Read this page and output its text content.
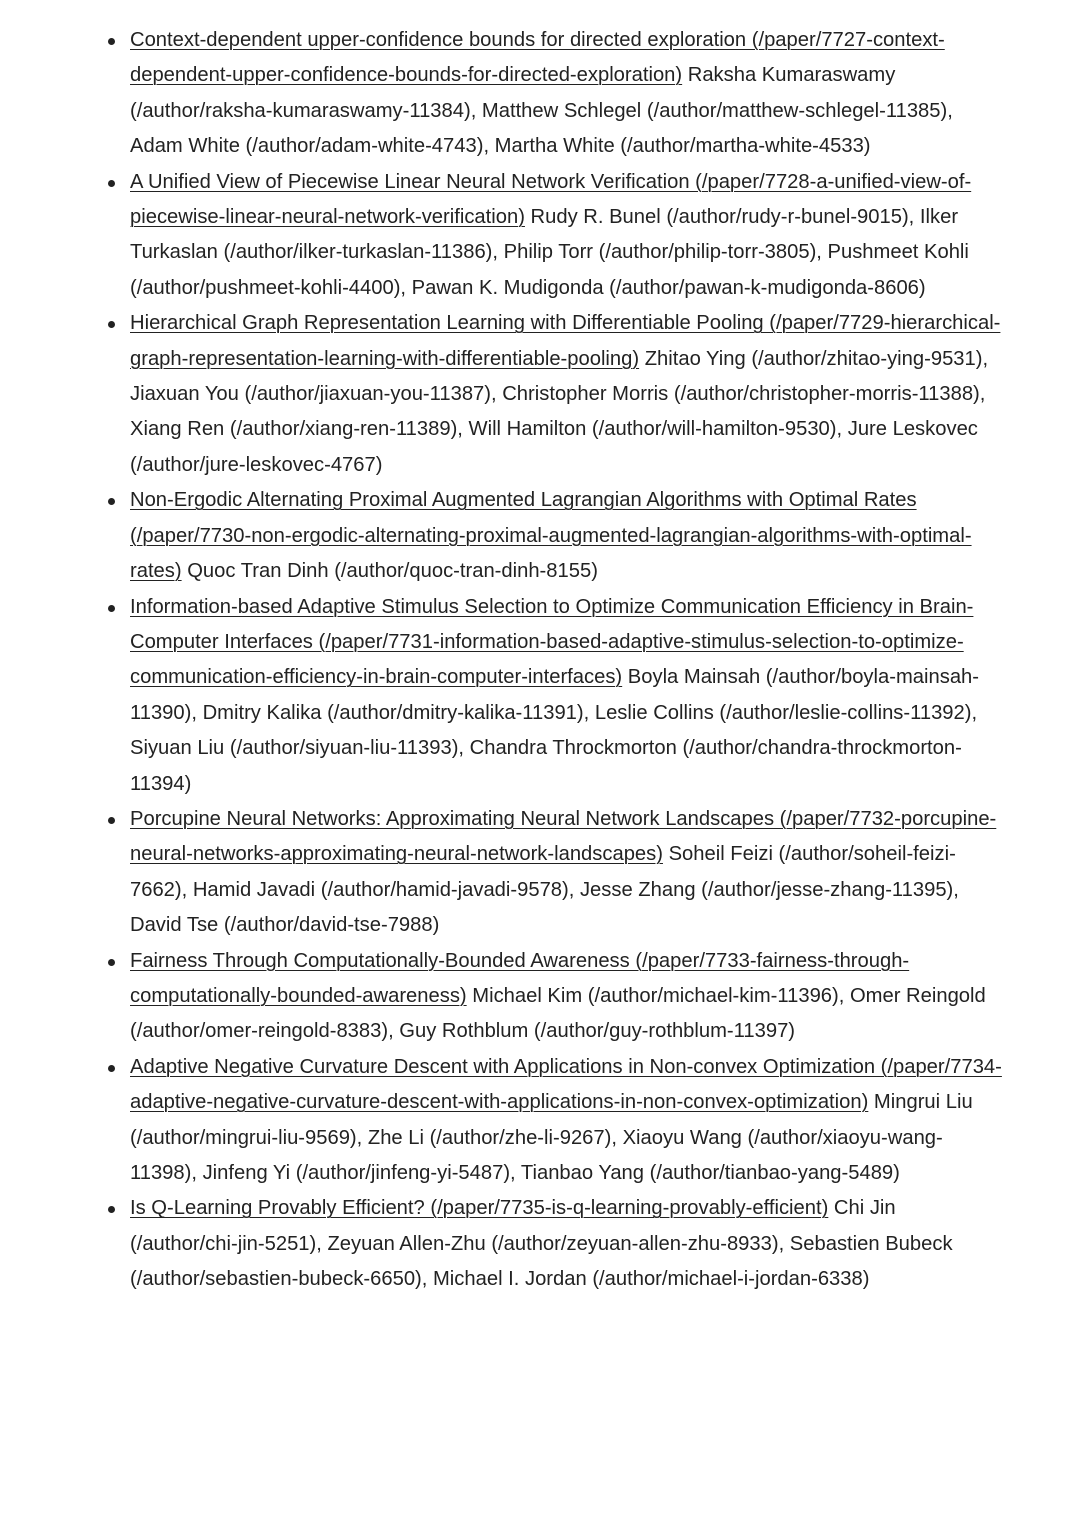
Context-dependent upper-confidence bounds for directed exploration (/paper/7727-context-dependent-upper-confidence-bounds-for-directed-exploration) Raksha Kumaraswamy (/author/raksha-kumaraswamy-11384), Matthew Schlegel (/author/matthew-schlegel-11385), Adam White (/author/adam-white-4743), Martha White (/author/martha-white-4533)
A Unified View of Piecewise Linear Neural Network Verification (/paper/7728-a-unified-view-of-piecewise-linear-neural-network-verification) Rudy R. Bunel (/author/rudy-r-bunel-9015), Ilker Turkaslan (/author/ilker-turkaslan-11386), Philip Torr (/author/philip-torr-3805), Pushmeet Kohli (/author/pushmeet-kohli-4400), Pawan K. Mudigonda (/author/pawan-k-mudigonda-8606)
Hierarchical Graph Representation Learning with Differentiable Pooling (/paper/7729-hierarchical-graph-representation-learning-with-differentiable-pooling) Zhitao Ying (/author/zhitao-ying-9531), Jiaxuan You (/author/jiaxuan-you-11387), Christopher Morris (/author/christopher-morris-11388), Xiang Ren (/author/xiang-ren-11389), Will Hamilton (/author/will-hamilton-9530), Jure Leskovec (/author/jure-leskovec-4767)
Non-Ergodic Alternating Proximal Augmented Lagrangian Algorithms with Optimal Rates (/paper/7730-non-ergodic-alternating-proximal-augmented-lagrangian-algorithms-with-optimal-rates) Quoc Tran Dinh (/author/quoc-tran-dinh-8155)
Information-based Adaptive Stimulus Selection to Optimize Communication Efficiency in Brain-Computer Interfaces (/paper/7731-information-based-adaptive-stimulus-selection-to-optimize-communication-efficiency-in-brain-computer-interfaces) Boyla Mainsah (/author/boyla-mainsah-11390), Dmitry Kalika (/author/dmitry-kalika-11391), Leslie Collins (/author/leslie-collins-11392), Siyuan Liu (/author/siyuan-liu-11393), Chandra Throckmorton (/author/chandra-throckmorton-11394)
Porcupine Neural Networks: Approximating Neural Network Landscapes (/paper/7732-porcupine-neural-networks-approximating-neural-network-landscapes) Soheil Feizi (/author/soheil-feizi-7662), Hamid Javadi (/author/hamid-javadi-9578), Jesse Zhang (/author/jesse-zhang-11395), David Tse (/author/david-tse-7988)
Fairness Through Computationally-Bounded Awareness (/paper/7733-fairness-through-computationally-bounded-awareness) Michael Kim (/author/michael-kim-11396), Omer Reingold (/author/omer-reingold-8383), Guy Rothblum (/author/guy-rothblum-11397)
Adaptive Negative Curvature Descent with Applications in Non-convex Optimization (/paper/7734-adaptive-negative-curvature-descent-with-applications-in-non-convex-optimization) Mingrui Liu (/author/mingrui-liu-9569), Zhe Li (/author/zhe-li-9267), Xiaoyu Wang (/author/xiaoyu-wang-11398), Jinfeng Yi (/author/jinfeng-yi-5487), Tianbao Yang (/author/tianbao-yang-5489)
Is Q-Learning Provably Efficient? (/paper/7735-is-q-learning-provably-efficient) Chi Jin (/author/chi-jin-5251), Zeyuan Allen-Zhu (/author/zeyuan-allen-zhu-8933), Sebastien Bubeck (/author/sebastien-bubeck-6650), Michael I. Jordan (/author/michael-i-jordan-6338)
